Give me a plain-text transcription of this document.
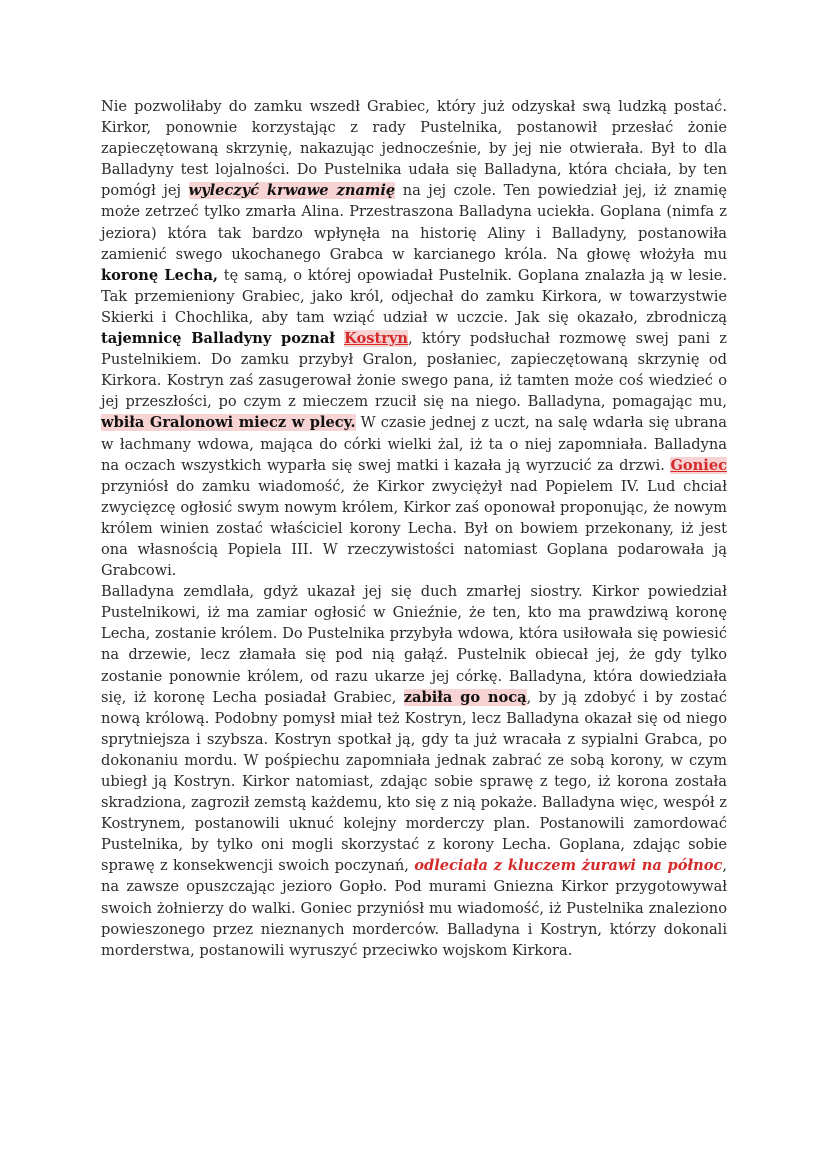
Nie pozwoliłaby do zamku wszedł Grabiec, który już odzyskał swą ludzką postać. Kirkor, ponownie korzystając z rady Pustelnika, postanowił przesłać żonie zapieczętowaną skrzynię, nakazując jednocześnie, by jej nie otwierała. Był to dla Balladyny test lojalności. Do Pustelnika udała się Balladyna, która chciała, by ten pomógł jej wyleczyć krwawe znamię na jej czole. Ten powiedział jej, iż znamię może zetrzeć tylko zmarła Alina. Przestraszona Balladyna uciekła. Goplana (nimfa z jeziora) która tak bardzo wpłynęła na historię Aliny i Balladyny, postanowiła zamienić swego ukochanego Grabca w karcianego króla. Na głowę włożyła mu koronę Lecha, tę samą, o której opowiadał Pustelnik. Goplana znalazła ją w lesie. Tak przemieniony Grabiec, jako król, odjechał do zamku Kirkora, w towarzystwie Skierki i Chochlika, aby tam wziąć udział w uczcie. Jak się okazało, zbrodniczą tajemnicę Balladyny poznał Kostryn, który podsłuchał rozmowę swej pani z Pustelnikiem. Do zamku przybył Gralon, posłaniec, zapieczętowaną skrzynię od Kirkora. Kostryn zaś zasugerował żonie swego pana, iż tamten może coś wiedzieć o jej przeszłości, po czym z mieczem rzucił się na niego. Balladyna, pomagając mu, wbiła Gralonowi miecz w plecy. W czasie jednej z uczt, na salę wdarła się ubrana w łachmany wdowa, mająca do córki wielki żal, iż ta o niej zapomniała. Balladyna na oczach wszystkich wyparła się swej matki i kazała ją wyrzucić za drzwi. Goniec przyniósł do zamku wiadomość, że Kirkor zwyciężył nad Popielem IV. Lud chciał zwycięzcę ogłosić swym nowym królem, Kirkor zaś oponował proponując, że nowym królem winien zostać właściciel korony Lecha. Był on bowiem przekonany, iż jest ona własnością Popiela III. W rzeczywistości natomiast Goplana podarowała ją Grabcowi.

Balladyna zemdlała, gdyż ukazał jej się duch zmarłej siostry. Kirkor powiedział Pustelnikowi, iż ma zamiar ogłosić w Gnieźnie, że ten, kto ma prawdziwą koronę Lecha, zostanie królem. Do Pustelnika przybyła wdowa, która usiłowała się powiesić na drzewie, lecz złamała się pod nią gałąź. Pustelnik obiecał jej, że gdy tylko zostanie ponownie królem, od razu ukarze jej córkę. Balladyna, która dowiedziała się, iż koronę Lecha posiadał Grabiec, zabiła go nocą, by ją zdobyć i by zostać nową królową. Podobny pomysł miał też Kostryn, lecz Balladyna okazał się od niego sprytniejsza i szybsza. Kostryn spotkał ją, gdy ta już wracała z sypialni Grabca, po dokonaniu mordu. W pośpiechu zapomniała jednak zabrać ze sobą korony, w czym ubiegł ją Kostryn. Kirkor natomiast, zdając sobie sprawę z tego, iż korona została skradziona, zagroził zemstą każdemu, kto się z nią pokaże. Balladyna więc, wespół z Kostrynem, postanowili uknuć kolejny morderczy plan. Postanowili zamordować Pustelnika, by tylko oni mogli skorzystać z korony Lecha. Goplana, zdając sobie sprawę z konsekwencji swoich poczynań, odleciała z kluczem żurawi na północ, na zawsze opuszczając jezioro Gopło. Pod murami Gniezna Kirkor przygotowywał swoich żołnierzy do walki. Goniec przyniósł mu wiadomość, iż Pustelnika znaleziono powieszonego przez nieznanych morderców. Balladyna i Kostryn, którzy dokonali morderstwa, postanowili wyruszyć przeciwko wojskom Kirkora.
